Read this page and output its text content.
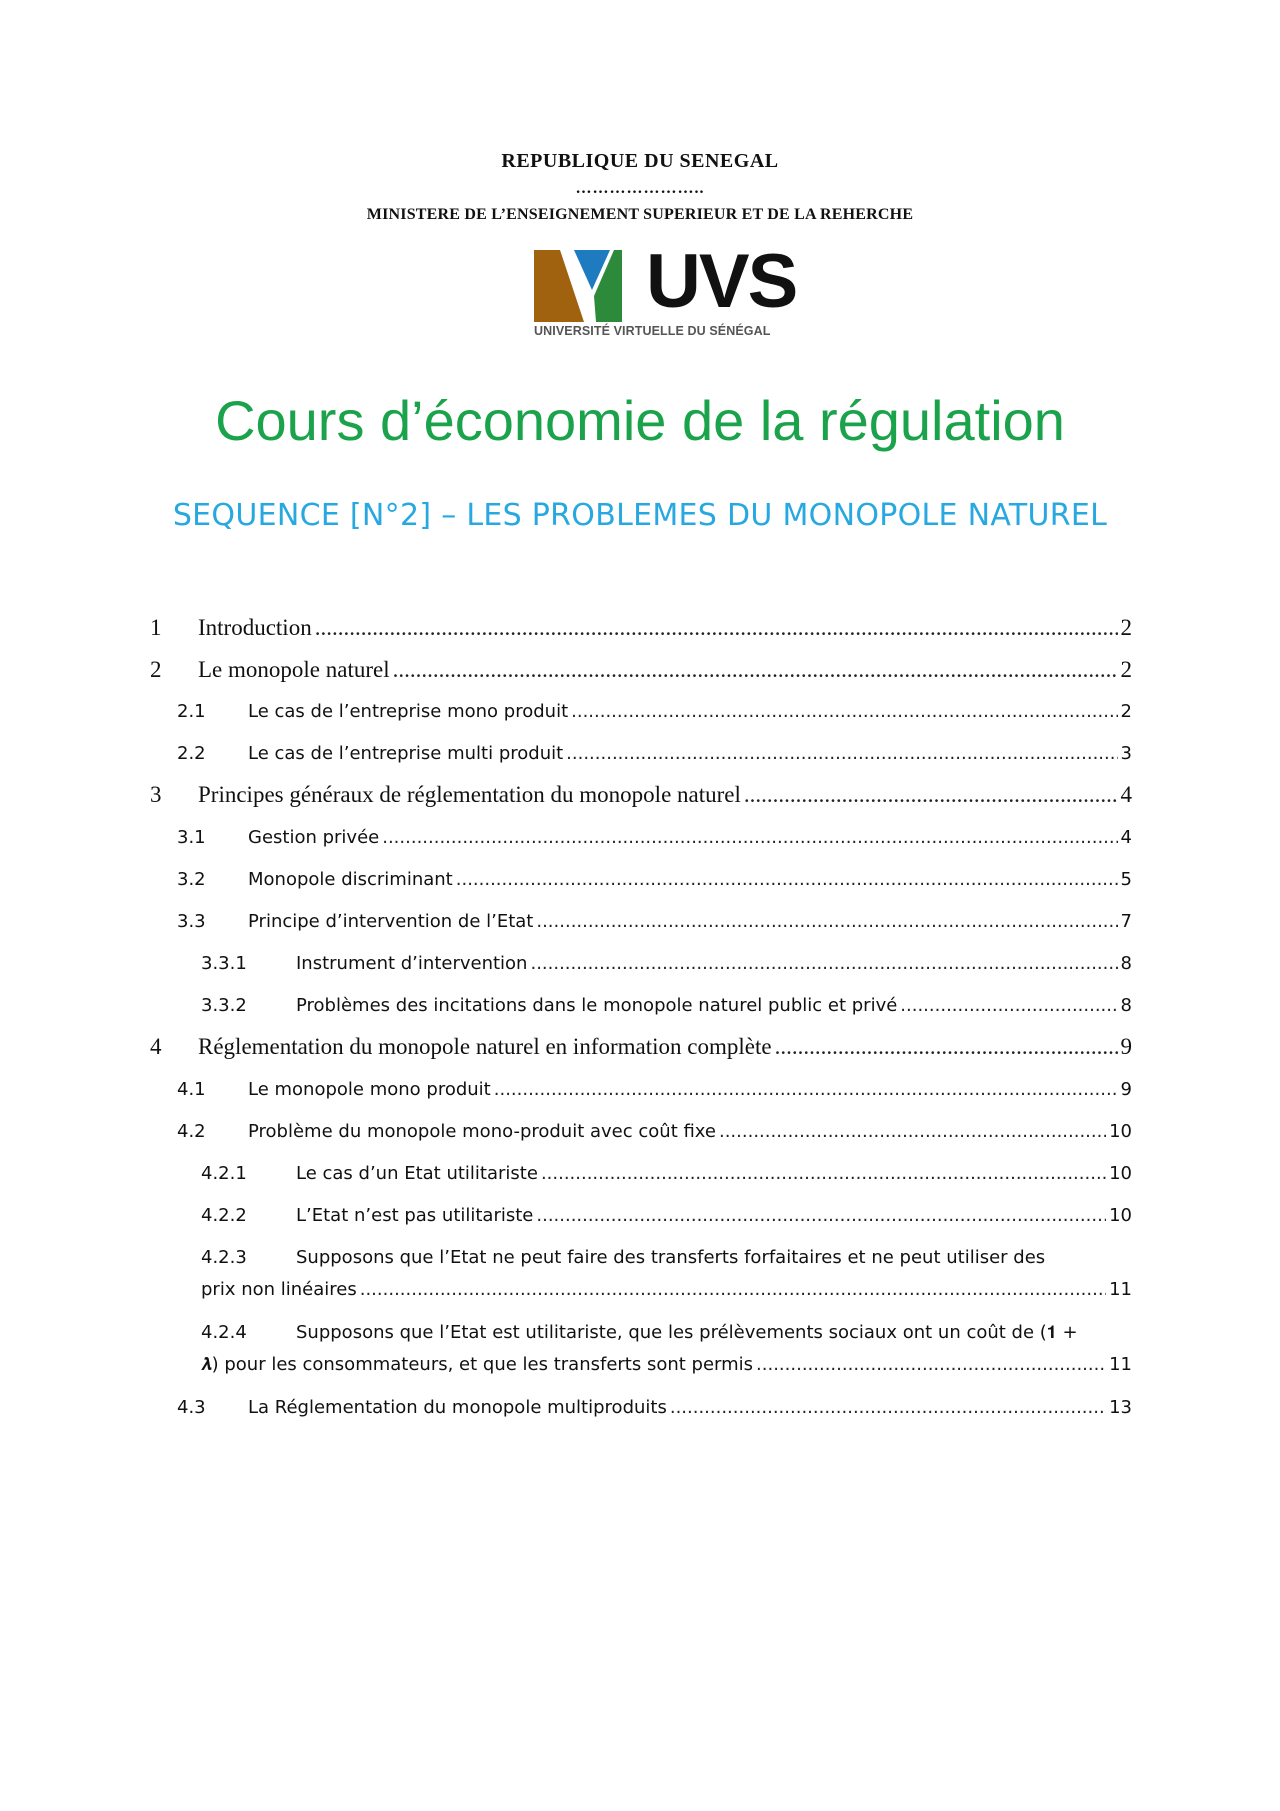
REPUBLIQUE DU SENEGAL
…………………..
MINISTERE DE L’ENSEIGNEMENT SUPERIEUR ET DE LA REHERCHE
UVS
UNIVERSITÉ VIRTUELLE DU SÉNÉGAL
Cours d’économie de la régulation
SEQUENCE [N°2] – LES PROBLEMES DU MONOPOLE NATUREL
1	Introduction .....	2
2	Le monopole naturel .....	2
2.1	Le cas de l’entreprise mono produit .....	2
2.2	Le cas de l’entreprise multi produit .....	3
3	Principes généraux de réglementation du monopole naturel .....	4
3.1	Gestion privée .....	4
3.2	Monopole discriminant .....	5
3.3	Principe d’intervention de l’Etat .....	7
3.3.1	Instrument d’intervention .....	8
3.3.2	Problèmes des incitations dans le monopole naturel public et privé .....	8
4	Réglementation du monopole naturel en information complète .....	9
4.1	Le monopole mono produit .....	9
4.2	Problème du monopole mono-produit avec coût fixe .....	10
4.2.1	Le cas d’un Etat utilitariste .....	10
4.2.2	L’Etat n’est pas utilitariste .....	10
4.2.3	Supposons que l’Etat ne peut faire des transferts forfaitaires et ne peut utiliser des
prix non linéaires .....	11
4.2.4	Supposons que l’Etat est utilitariste, que les prélèvements sociaux ont un coût de (𝟏 +
𝝀) pour les consommateurs, et que les transferts sont permis .....	11
4.3	La Réglementation du monopole multiproduits .....	13
